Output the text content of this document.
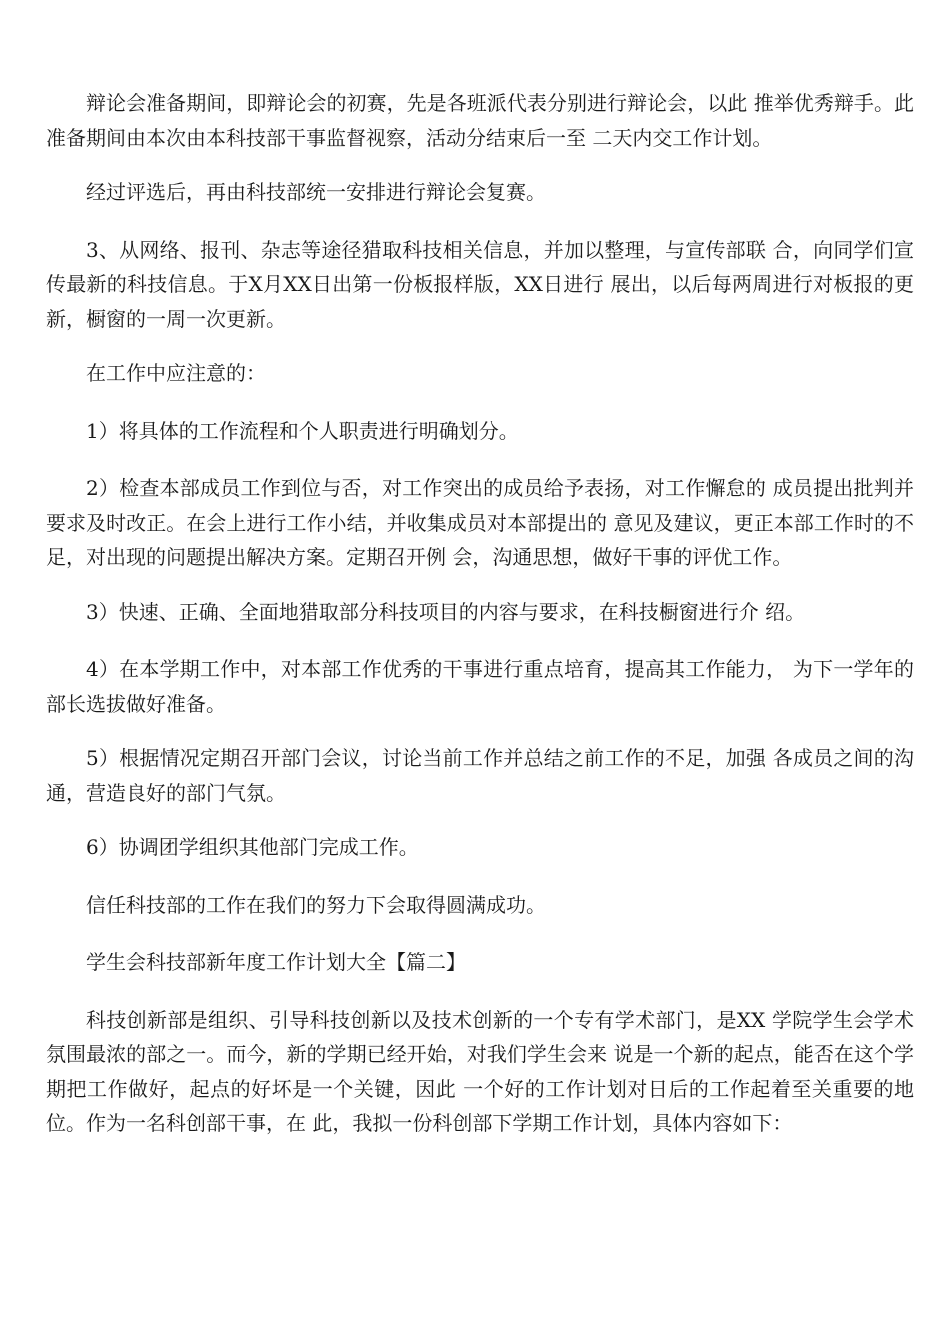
辩论会准备期间，即辩论会的初赛，先是各班派代表分别进行辩论会，以此 推举优秀辩手。此准备期间由本次由本科技部干事监督视察，活动分结束后一至 二天内交工作计划。

经过评选后，再由科技部统一安排进行辩论会复赛。

3、从网络、报刊、杂志等途径猎取科技相关信息，并加以整理，与宣传部联 合，向同学们宣传最新的科技信息。于X月XX日出第一份板报样版，XX日进行 展出，以后每两周进行对板报的更新，橱窗的一周一次更新。

在工作中应注意的：

1）将具体的工作流程和个人职责进行明确划分。

2）检查本部成员工作到位与否，对工作突出的成员给予表扬，对工作懈怠的 成员提出批判并要求及时改正。在会上进行工作小结，并收集成员对本部提出的 意见及建议，更正本部工作时的不足，对出现的问题提出解决方案。定期召开例 会，沟通思想，做好干事的评优工作。

3）快速、正确、全面地猎取部分科技项目的内容与要求，在科技橱窗进行介 绍。

4）在本学期工作中，对本部工作优秀的干事进行重点培育，提高其工作能力， 为下一学年的部长选拔做好准备。

5）根据情况定期召开部门会议，讨论当前工作并总结之前工作的不足，加强 各成员之间的沟通，营造良好的部门气氛。

6）协调团学组织其他部门完成工作。

信任科技部的工作在我们的努力下会取得圆满成功。

学生会科技部新年度工作计划大全【篇二】

科技创新部是组织、引导科技创新以及技术创新的一个专有学术部门，是XX 学院学生会学术氛围最浓的部之一。而今，新的学期已经开始，对我们学生会来 说是一个新的起点，能否在这个学期把工作做好，起点的好坏是一个关键，因此 一个好的工作计划对日后的工作起着至关重要的地位。作为一名科创部干事，在 此，我拟一份科创部下学期工作计划，具体内容如下：
